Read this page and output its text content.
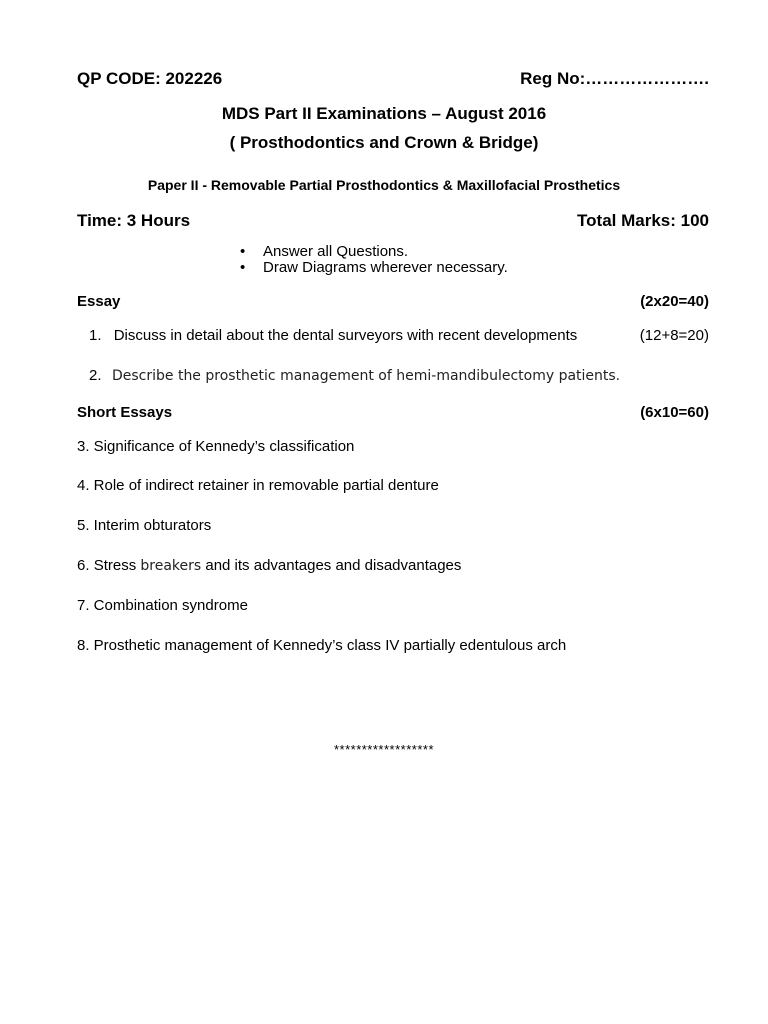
QP CODE: 202226	Reg No:………………….
MDS Part II Examinations – August 2016
( Prosthodontics and Crown & Bridge)
Paper II - Removable Partial Prosthodontics & Maxillofacial Prosthetics
Time: 3 Hours	Total Marks: 100
• Answer all Questions.
• Draw Diagrams wherever necessary.
Essay	(2x20=40)
1. Discuss in detail about the dental surveyors with recent developments	(12+8=20)
2. Describe the prosthetic management of hemi-mandibulectomy patients.
Short Essays	(6x10=60)
3. Significance of Kennedy’s classification
4. Role of indirect retainer in removable partial denture
5. Interim obturators
6. Stress breakers and its advantages and disadvantages
7. Combination syndrome
8. Prosthetic management of Kennedy’s class IV partially edentulous arch
******************
